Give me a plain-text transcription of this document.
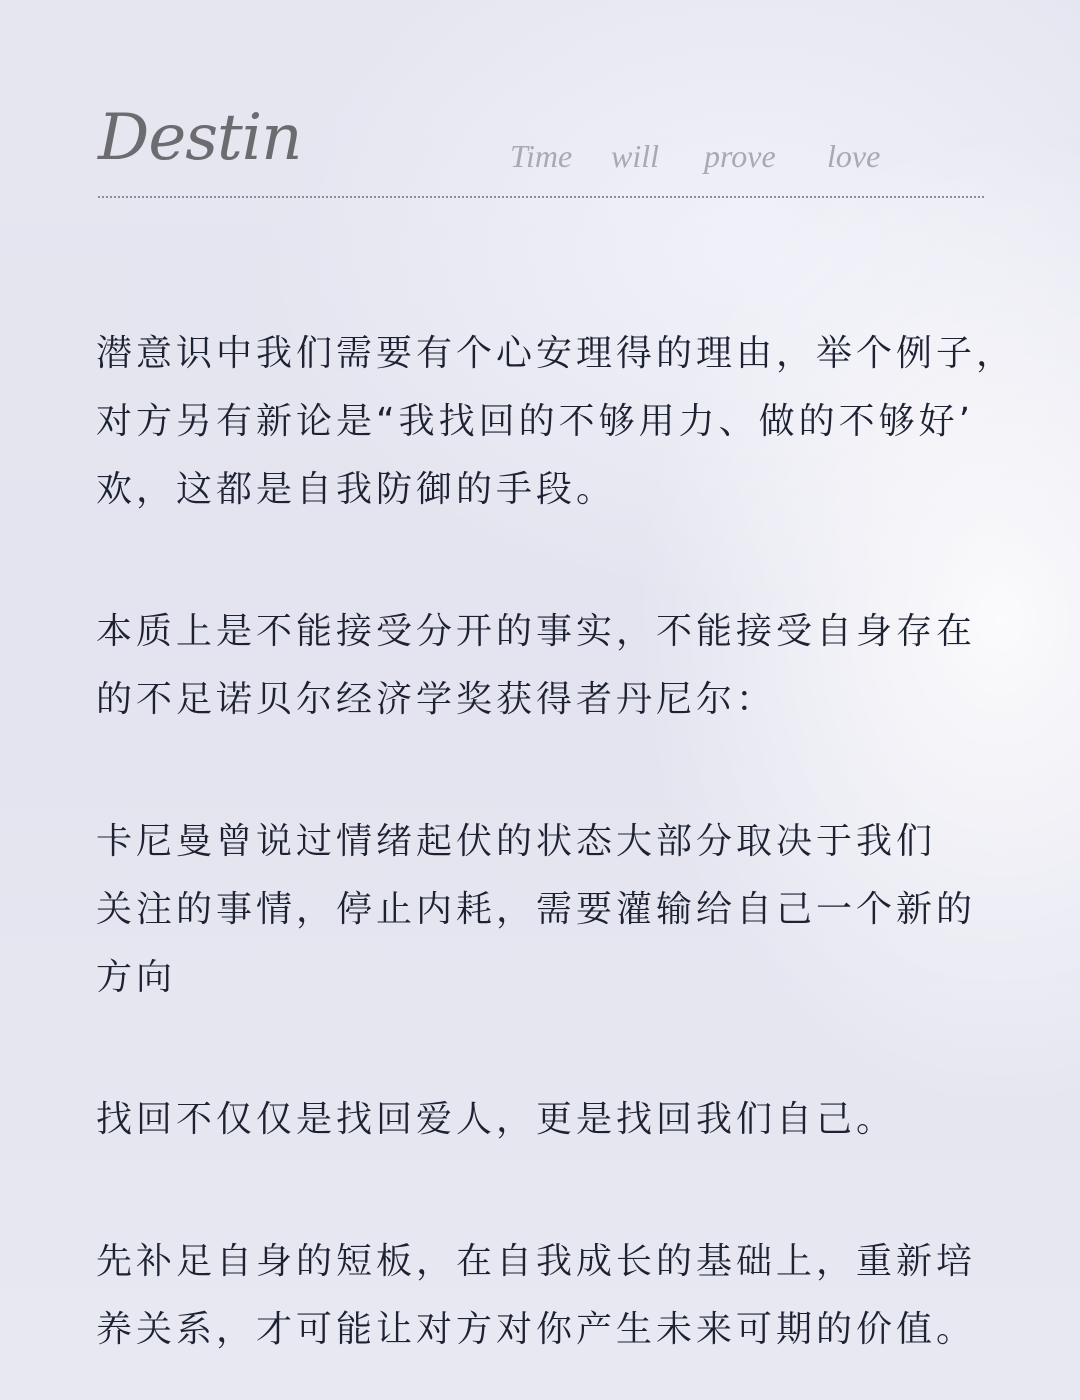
Destin	Time	will	prove	love
潜意识中我们需要有个心安理得的理由，举个例子，
对方另有新论是“我找回的不够用力、做的不够好’
欢，这都是自我防御的手段。
本质上是不能接受分开的事实，不能接受自身存在
的不足诺贝尔经济学奖获得者丹尼尔：
卡尼曼曾说过情绪起伏的状态大部分取决于我们
关注的事情，停止内耗，需要灌输给自己一个新的
方向
找回不仅仅是找回爱人，更是找回我们自己。
先补足自身的短板，在自我成长的基础上，重新培
养关系，才可能让对方对你产生未来可期的价值。
